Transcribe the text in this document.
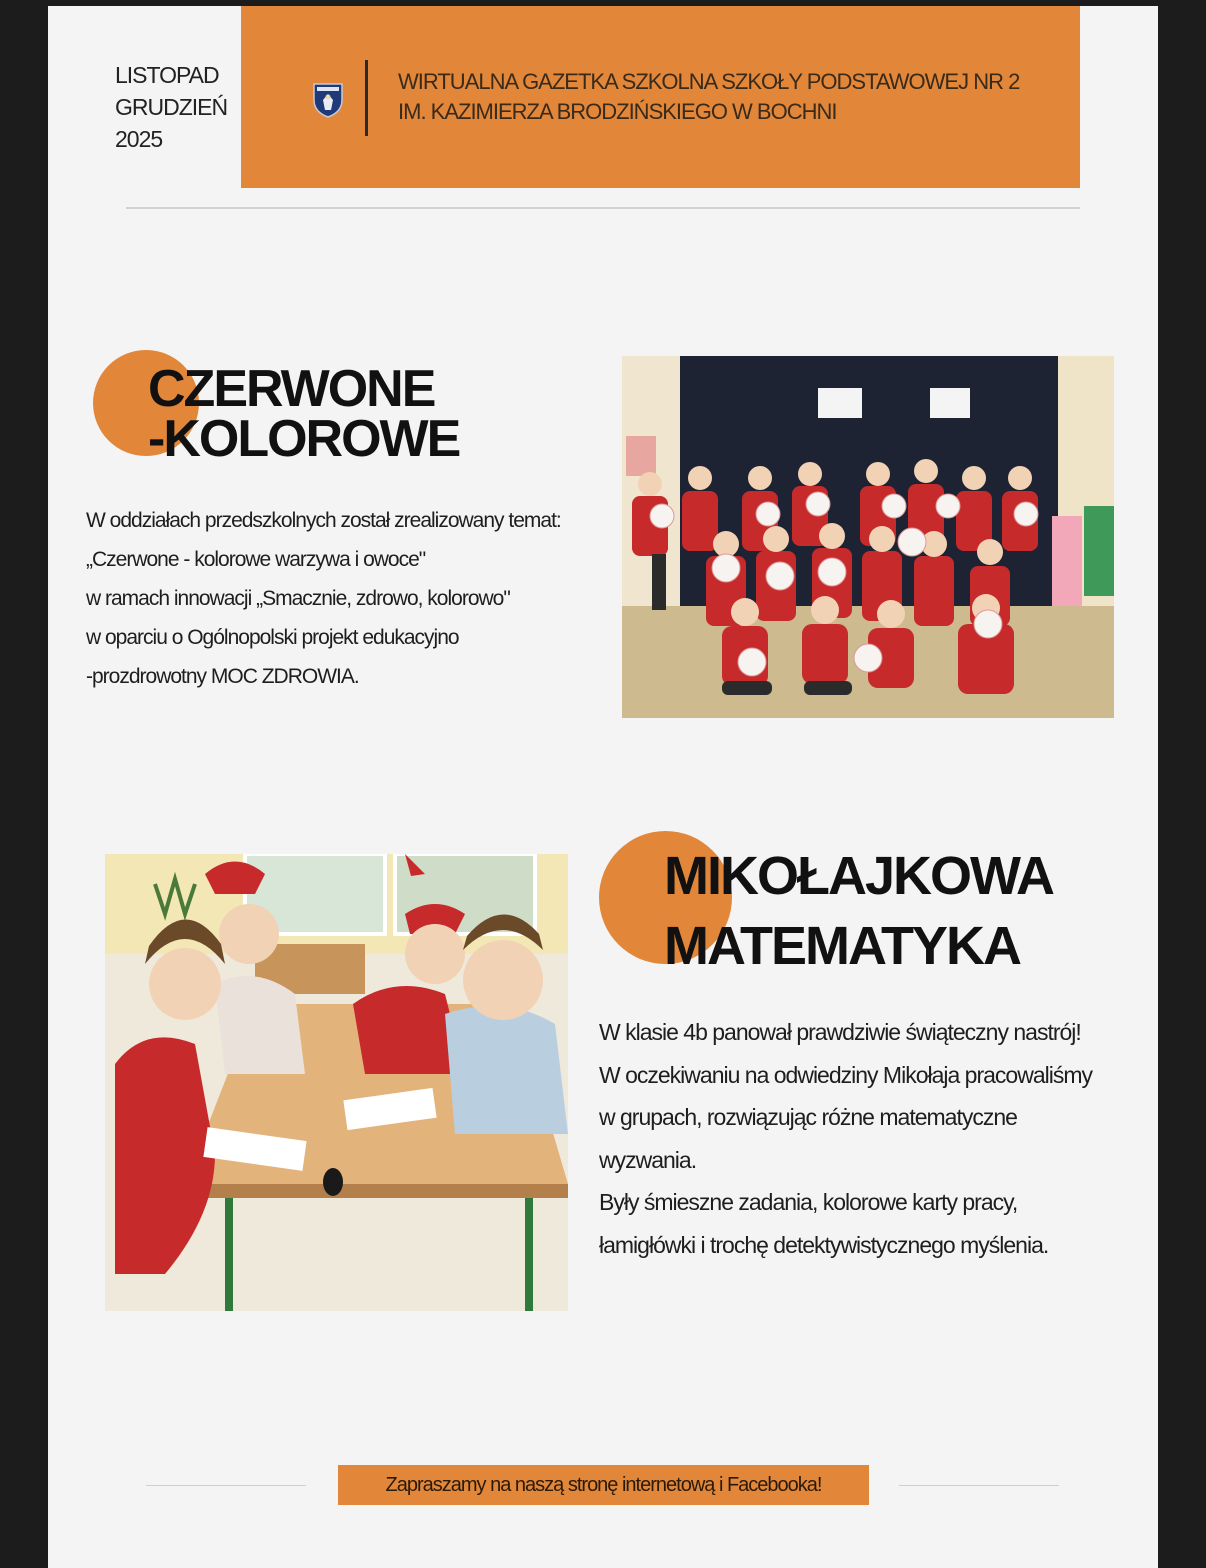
LISTOPAD
GRUDZIEŃ
2025
WIRTUALNA GAZETKA SZKOLNA SZKOŁY PODSTAWOWEJ NR 2
IM. KAZIMIERZA BRODZIŃSKIEGO W BOCHNI
CZERWONE
-KOLOROWE
W oddziałach przedszkolnych został zrealizowany temat:
„Czerwone - kolorowe warzywa i owoce"
w ramach innowacji „Smacznie, zdrowo, kolorowo"
w oparciu o Ogólnopolski projekt edukacyjno
-prozdrowotny MOC ZDROWIA.
MIKOŁAJKOWA
MATEMATYKA
W klasie 4b panował prawdziwie świąteczny nastrój!
W oczekiwaniu na odwiedziny Mikołaja pracowaliśmy
w grupach, rozwiązując różne matematyczne
wyzwania.
Były śmieszne zadania, kolorowe karty pracy,
łamigłówki i trochę detektywistycznego myślenia.
Zapraszamy na naszą stronę internetową i Facebooka!
